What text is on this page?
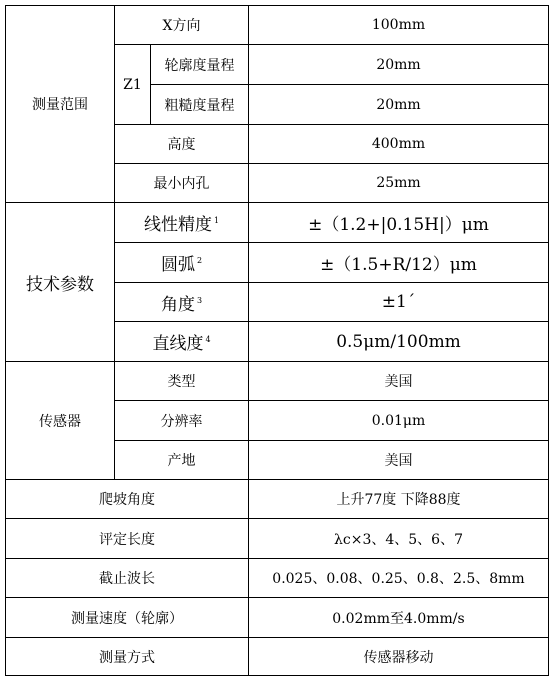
测量范围	X方向		100mm
	Z1	轮廓度量程	20mm
		粗糙度量程	20mm
	高度		400mm
	最小内孔		25mm
技术参数	线性精度 $^1$		±（1.2+|0.15H|）μm
	圆弧 $^2$		±（1.5+R/12）μm
	角度 $^3$		±1ˊ
	直线度 $^4$		0.5μm/100mm
传感器	类型		美国
	分辨率		0.01μm
	产地		美国
爬坡角度			上升77度 下降88度
评定长度			λc×3、4、5、6、7
截止波长			0.025、0.08、0.25、0.8、2.5、8mm
测量速度（轮廓）			0.02mm至4.0mm/s
测量方式			传感器移动
